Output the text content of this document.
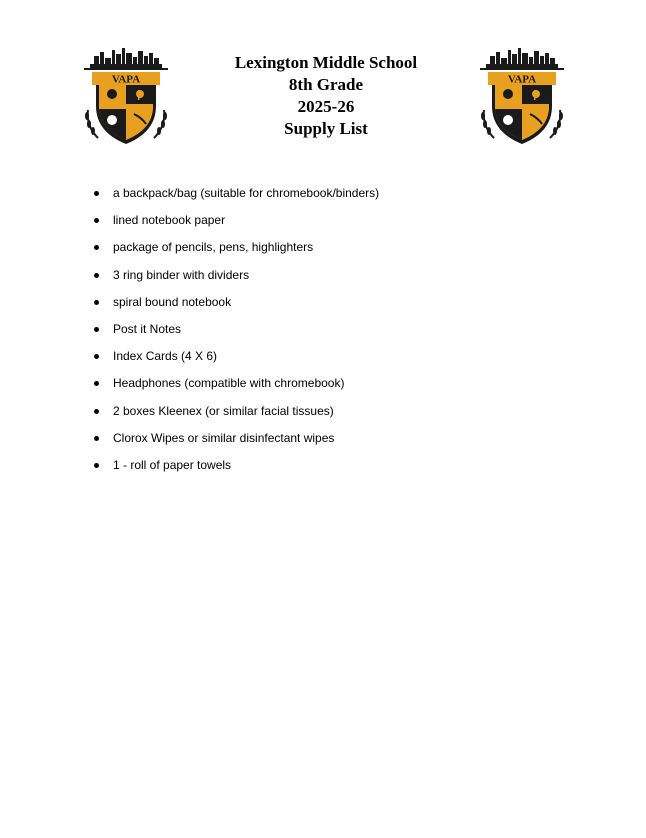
VAPA

Lexington Middle School

8th Grade

2025-26

Supply List

VAPA
a backpack/bag (suitable for chromebook/binders)
lined notebook paper
package of pencils, pens, highlighters
3 ring binder with dividers
spiral bound notebook
Post it Notes
Index Cards (4 X 6)
Headphones (compatible with chromebook)
2 boxes Kleenex (or similar facial tissues)
Clorox Wipes or similar disinfectant wipes
1 - roll of paper towels
